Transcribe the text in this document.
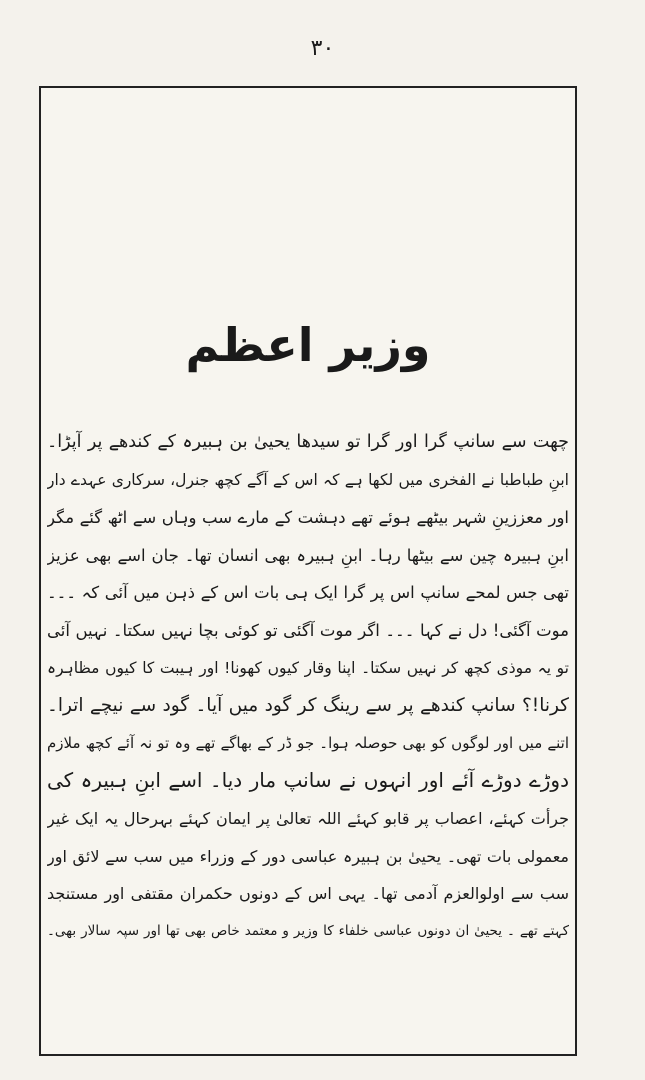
۳۰
وزیر اعظم
چھت سے سانپ گرا اور گرا تو سیدھا یحییٰ بن ہبیرہ کے کندھے پر آپڑا۔
ابنِ طباطبا نے الفخری میں لکھا ہے کہ اس کے آگے کچھ جنرل، سرکاری عہدے دار
اور معززینِ شہر بیٹھے ہوئے تھے دہشت کے مارے سب وہاں سے اٹھ گئے مگر
ابنِ ہبیرہ چین سے بیٹھا رہا۔ ابنِ ہبیرہ بھی انسان تھا۔ جان اسے بھی عزیز
تھی جس لمحے سانپ اس پر گرا ایک ہی بات اس کے ذہن میں آئی کہ ۔۔۔
موت آگئی! دل نے کہا ۔۔۔ اگر موت آگئی تو کوئی بچا نہیں سکتا۔ نہیں آئی
تو یہ موذی کچھ کر نہیں سکتا۔ اپنا وقار کیوں کھونا! اور ہیبت کا کیوں مظاہرہ
کرنا!؟ سانپ کندھے پر سے رینگ کر گود میں آیا۔ گود سے نیچے اترا۔
اتنے میں اور لوگوں کو بھی حوصلہ ہوا۔ جو ڈر کے بھاگے تھے وہ تو نہ آئے کچھ ملازم
دوڑے دوڑے آئے اور انہوں نے سانپ مار دیا۔ اسے ابنِ ہبیرہ کی
جرأت کہئے، اعصاب پر قابو کہئے اللہ تعالیٰ پر ایمان کہئے بہرحال یہ ایک غیر
معمولی بات تھی۔ یحییٰ بن ہبیرہ عباسی دور کے وزراء میں سب سے لائق اور
سب سے اولوالعزم آدمی تھا۔ یہی اس کے دونوں حکمران مقتفی اور مستنجد
کہتے تھے ۔ یحییٰ ان دونوں عباسی خلفاء کا وزیر و معتمد خاص بھی تھا اور سپہ سالار بھی۔
